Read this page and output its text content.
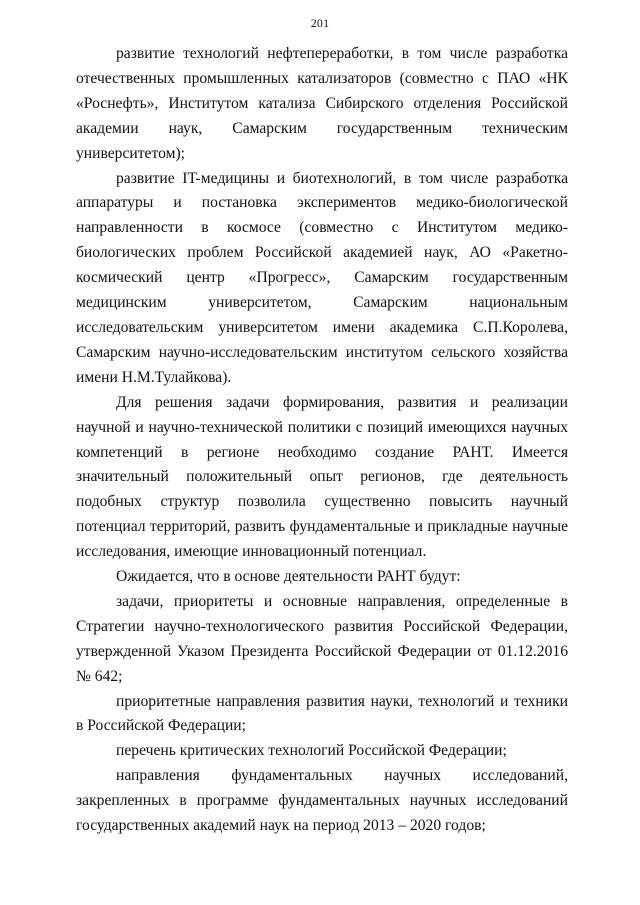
201

развитие технологий нефтепереработки, в том числе разработка отечественных промышленных катализаторов (совместно с ПАО «НК «Роснефть», Институтом катализа Сибирского отделения Российской академии наук, Самарским государственным техническим университетом);

развитие IT-медицины и биотехнологий, в том числе разработка аппаратуры и постановка экспериментов медико-биологической направленности в космосе (совместно с Институтом медико-биологических проблем Российской академией наук, АО «Ракетно-космический центр «Прогресс», Самарским государственным медицинским университетом, Самарским национальным исследовательским университетом имени академика С.П.Королева, Самарским научно-исследовательским институтом сельского хозяйства имени Н.М.Тулайкова).

Для решения задачи формирования, развития и реализации научной и научно-технической политики с позиций имеющихся научных компетенций в регионе необходимо создание РАНТ. Имеется значительный положительный опыт регионов, где деятельность подобных структур позволила существенно повысить научный потенциал территорий, развить фундаментальные и прикладные научные исследования, имеющие инновационный потенциал.

Ожидается, что в основе деятельности РАНТ будут:

задачи, приоритеты и основные направления, определенные в Стратегии научно-технологического развития Российской Федерации, утвержденной Указом Президента Российской Федерации от 01.12.2016 № 642;

приоритетные направления развития науки, технологий и техники в Российской Федерации;

перечень критических технологий Российской Федерации;

направления фундаментальных научных исследований, закрепленных в программе фундаментальных научных исследований государственных академий наук на период 2013 – 2020 годов;
